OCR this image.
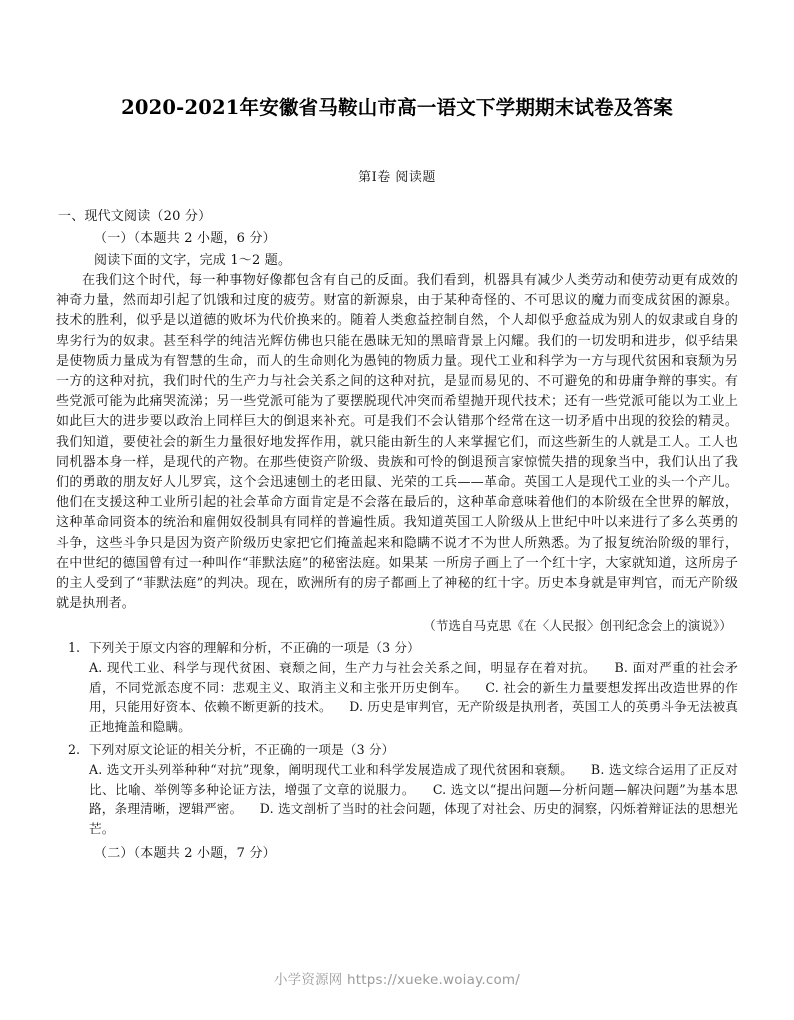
2020-2021年安徽省马鞍山市高一语文下学期期末试卷及答案

第Ⅰ卷 阅读题

一、现代文阅读（20 分）

（一）（本题共 2 小题，6 分）

阅读下面的文字，完成 1～2 题。

在我们这个时代，每一种事物好像都包含有自己的反面。我们看到，机器具有减少人类劳动和使劳动更有成效的神奇力量，然而却引起了饥饿和过度的疲劳。财富的新源泉，由于某种奇怪的、不可思议的魔力而变成贫困的源泉。技术的胜利，似乎是以道德的败坏为代价换来的。随着人类愈益控制自然，个人却似乎愈益成为别人的奴隶或自身的卑劣行为的奴隶。甚至科学的纯洁光辉仿佛也只能在愚昧无知的黑暗背景上闪耀。我们的一切发明和进步，似乎结果是使物质力量成为有智慧的生命，而人的生命则化为愚钝的物质力量。现代工业和科学为一方与现代贫困和衰颓为另一方的这种对抗，我们时代的生产力与社会关系之间的这种对抗，是显而易见的、不可避免的和毋庸争辩的事实。有些党派可能为此痛哭流涕；另一些党派可能为了要摆脱现代冲突而希望抛开现代技术；还有一些党派可能以为工业上如此巨大的进步要以政治上同样巨大的倒退来补充。可是我们不会认错那个经常在这一切矛盾中出现的狡狯的精灵。我们知道，要使社会的新生力量很好地发挥作用，就只能由新生的人来掌握它们，而这些新生的人就是工人。工人也同机器本身一样，是现代的产物。在那些使资产阶级、贵族和可怜的倒退预言家惊慌失措的现象当中，我们认出了我们的勇敢的朋友好人儿罗宾，这个会迅速刨土的老田鼠、光荣的工兵——革命。英国工人是现代工业的头一个产儿。他们在支援这种工业所引起的社会革命方面肯定是不会落在最后的，这种革命意味着他们的本阶级在全世界的解放，这种革命同资本的统治和雇佣奴役制具有同样的普遍性质。我知道英国工人阶级从上世纪中叶以来进行了多么英勇的斗争，这些斗争只是因为资产阶级历史家把它们掩盖起来和隐瞒不说才不为世人所熟悉。为了报复统治阶级的罪行，在中世纪的德国曾有过一种叫作“菲默法庭”的秘密法庭。如果某 一所房子画上了一个红十字，大家就知道，这所房子的主人受到了“菲默法庭”的判决。现在，欧洲所有的房子都画上了神秘的红十字。历史本身就是审判官，而无产阶级就是执刑者。

（节选自马克思《在〈人民报〉创刊纪念会上的演说》）

1. 下列关于原文内容的理解和分析，不正确的一项是（3 分）

A. 现代工业、科学与现代贫困、衰颓之间，生产力与社会关系之间，明显存在着对抗。 B. 面对严重的社会矛盾，不同党派态度不同：悲观主义、取消主义和主张开历史倒车。 C. 社会的新生力量要想发挥出改造世界的作用，只能用好资本、依赖不断更新的技术。 D. 历史是审判官，无产阶级是执刑者，英国工人的英勇斗争无法被真正地掩盖和隐瞒。

2. 下列对原文论证的相关分析，不正确的一项是（3 分）

A. 选文开头列举种种“对抗”现象，阐明现代工业和科学发展造成了现代贫困和衰颓。 B. 选文综合运用了正反对比、比喻、举例等多种论证方法，增强了文章的说服力。 C. 选文以“提出问题—分析问题—解决问题”为基本思路，条理清晰，逻辑严密。 D. 选文剖析了当时的社会问题，体现了对社会、历史的洞察，闪烁着辩证法的思想光芒。

（二）（本题共 2 小题，7 分）

小学资源网 https://xueke.woiay.com/
